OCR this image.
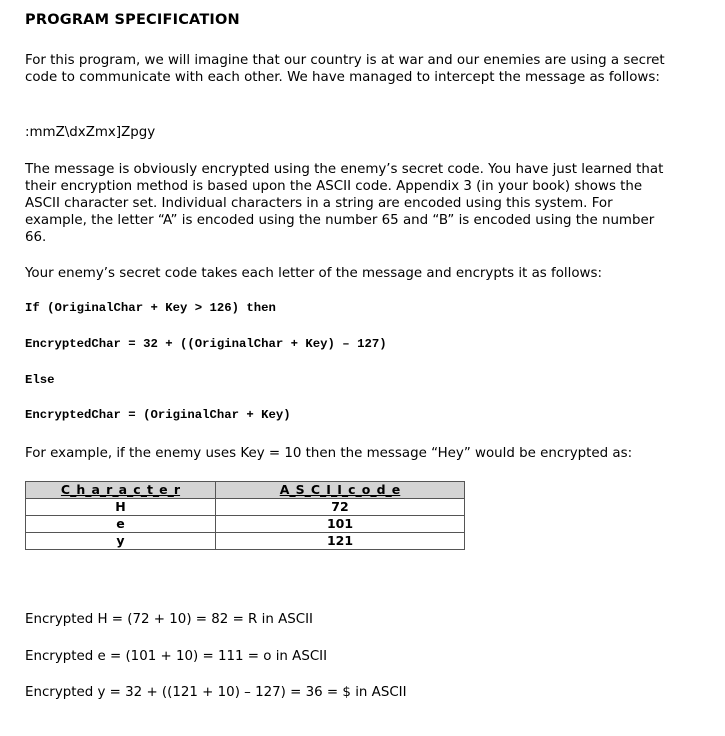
PROGRAM SPECIFICATION
For this program, we will imagine that our country is at war and our enemies are using a secret code to communicate with each other. We have managed to intercept the message as follows:
:mmZ\dxZmx]Zpgy
The message is obviously encrypted using the enemy’s secret code. You have just learned that their encryption method is based upon the ASCII code. Appendix 3 (in your book) shows the ASCII character set. Individual characters in a string are encoded using this system. For example, the letter “A” is encoded using the number 65 and “B” is encoded using the number 66.
Your enemy’s secret code takes each letter of the message and encrypts it as follows:
If (OriginalChar + Key > 126) then
EncryptedChar = 32 + ((OriginalChar + Key) – 127)
Else
EncryptedChar = (OriginalChar + Key)
For example, if the enemy uses Key = 10 then the message “Hey” would be encrypted as:
C_h_a_r_a_c_t_e_r	A_S_C_I_I_c_o_d_e
H	72
e	101
y	121
Encrypted H = (72 + 10) = 82 = R in ASCII
Encrypted e = (101 + 10) = 111 = o in ASCII
Encrypted y = 32 + ((121 + 10) – 127) = 36 = $ in ASCII
